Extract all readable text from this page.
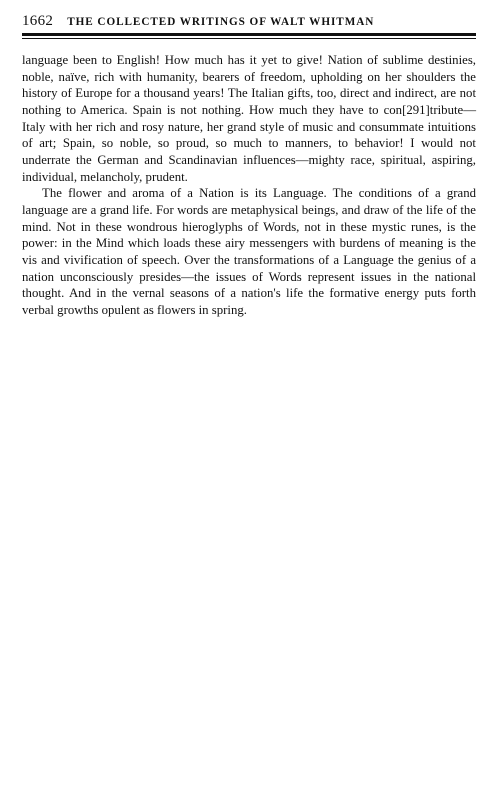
1662 THE COLLECTED WRITINGS OF WALT WHITMAN

language been to English! How much has it yet to give! Nation of sublime destinies, noble, naïve, rich with humanity, bearers of freedom, upholding on her shoulders the history of Europe for a thousand years! The Italian gifts, too, direct and indirect, are not nothing to America. Spain is not nothing. How much they have to con[291]tribute—Italy with her rich and rosy nature, her grand style of music and consummate intuitions of art; Spain, so noble, so proud, so much to manners, to behavior! I would not underrate the German and Scandinavian influences—mighty race, spiritual, aspiring, individual, melancholy, prudent.

The flower and aroma of a Nation is its Language. The conditions of a grand language are a grand life. For words are metaphysical beings, and draw of the life of the mind. Not in these wondrous hieroglyphs of Words, not in these mystic runes, is the power: in the Mind which loads these airy messengers with burdens of meaning is the vis and vivification of speech. Over the transformations of a Language the genius of a nation unconsciously presides—the issues of Words represent issues in the national thought. And in the vernal seasons of a nation's life the formative energy puts forth verbal growths opulent as flowers in spring.
